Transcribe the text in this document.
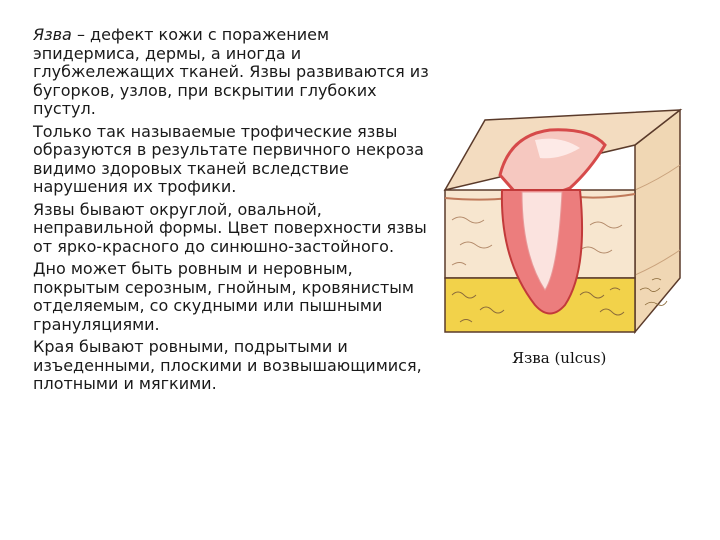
Язва – дефект кожи с поражением эпидермиса, дермы, а иногда и глубжележащих тканей. Язвы развиваются из бугорков, узлов, при вскрытии глубоких пустул.

Только так называемые трофические язвы образуются в результате первичного некроза видимо здоровых тканей вследствие нарушения их трофики.

Язвы бывают округлой, овальной, неправильной формы. Цвет поверхности язвы от ярко-красного до синюшно-застойного.

Дно может быть ровным и неровным, покрытым серозным, гнойным, кровянистым отделяемым, со скудными или пышными грануляциями.

Края бывают ровными, подрытыми и изъеденными, плоскими и возвышающимися, плотными и мягкими.

Язва (ulcus)
